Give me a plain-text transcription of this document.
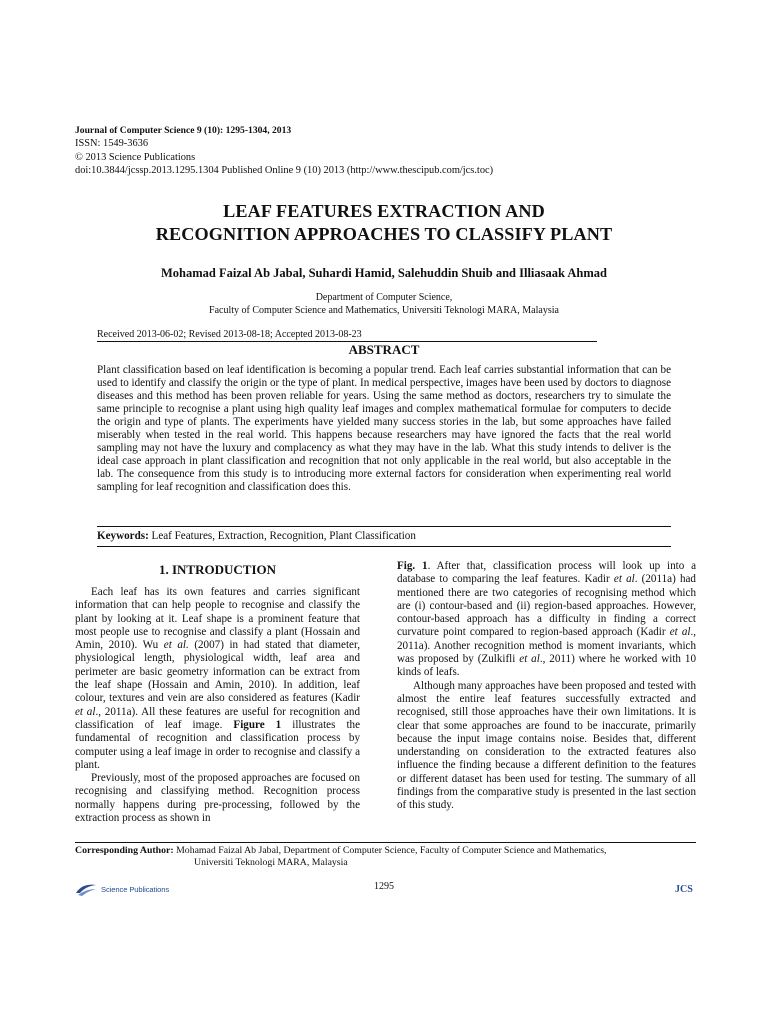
Journal of Computer Science 9 (10): 1295-1304, 2013
ISSN: 1549-3636
© 2013 Science Publications
doi:10.3844/jcssp.2013.1295.1304 Published Online 9 (10) 2013 (http://www.thescipub.com/jcs.toc)
LEAF FEATURES EXTRACTION AND
RECOGNITION APPROACHES TO CLASSIFY PLANT
Mohamad Faizal Ab Jabal, Suhardi Hamid, Salehuddin Shuib and Illiasaak Ahmad
Department of Computer Science,
Faculty of Computer Science and Mathematics, Universiti Teknologi MARA, Malaysia
Received 2013-06-02; Revised 2013-08-18; Accepted 2013-08-23
ABSTRACT
Plant classification based on leaf identification is becoming a popular trend. Each leaf carries substantial information that can be used to identify and classify the origin or the type of plant. In medical perspective, images have been used by doctors to diagnose diseases and this method has been proven reliable for years. Using the same method as doctors, researchers try to simulate the same principle to recognise a plant using high quality leaf images and complex mathematical formulae for computers to decide the origin and type of plants. The experiments have yielded many success stories in the lab, but some approaches have failed miserably when tested in the real world. This happens because researchers may have ignored the facts that the real world sampling may not have the luxury and complacency as what they may have in the lab. What this study intends to deliver is the ideal case approach in plant classification and recognition that not only applicable in the real world, but also acceptable in the lab. The consequence from this study is to introducing more external factors for consideration when experimenting real world sampling for leaf recognition and classification does this.
Keywords: Leaf Features, Extraction, Recognition, Plant Classification
1. INTRODUCTION

Each leaf has its own features and carries significant information that can help people to recognise and classify the plant by looking at it. Leaf shape is a prominent feature that most people use to recognise and classify a plant (Hossain and Amin, 2010). Wu et al. (2007) in had stated that diameter, physiological length, physiological width, leaf area and perimeter are basic geometry information can be extract from the leaf shape (Hossain and Amin, 2010). In addition, leaf colour, textures and vein are also considered as features (Kadir et al., 2011a). All these features are useful for recognition and classification of leaf image. Figure 1 illustrates the fundamental of recognition and classification process by computer using a leaf image in order to recognise and classify a plant.

Previously, most of the proposed approaches are focused on recognising and classifying method. Recognition process normally happens during pre-processing, followed by the extraction process as shown in

Fig. 1. After that, classification process will look up into a database to comparing the leaf features. Kadir et al. (2011a) had mentioned there are two categories of recognising method which are (i) contour-based and (ii) region-based approaches. However, contour-based approach has a difficulty in finding a correct curvature point compared to region-based approach (Kadir et al., 2011a). Another recognition method is moment invariants, which was proposed by (Zulkifli et al., 2011) where he worked with 10 kinds of leafs.

Although many approaches have been proposed and tested with almost the entire leaf features successfully extracted and recognised, still those approaches have their own limitations. It is clear that some approaches are found to be inaccurate, primarily because the input image contains noise. Besides that, different understanding on consideration to the extracted features also influence the finding because a different definition to the features or different dataset has been used for testing. The summary of all findings from the comparative study is presented in the last section of this study.

Corresponding Author: Mohamad Faizal Ab Jabal, Department of Computer Science, Faculty of Computer Science and Mathematics,
Universiti Teknologi MARA, Malaysia
Science Publications	1295	JCS
